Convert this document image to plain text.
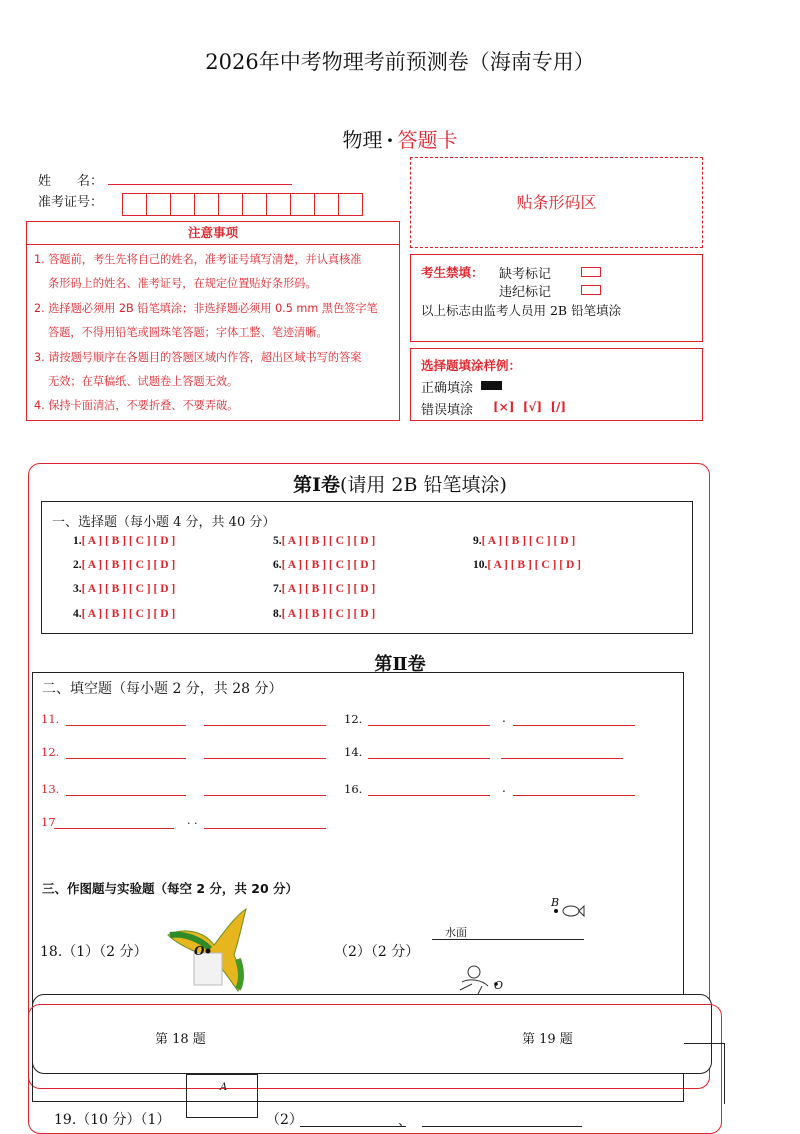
2026年中考物理考前预测卷（海南专用）
物理 · 答题卡
姓　　名：
准考证号：	贴条形码区
注意事项
1. 答题前，考生先将自己的姓名，准考证号填写清楚，并认真核准
条形码上的姓名、准考证号，在规定位置贴好条形码。
2. 选择题必须用 2B 铅笔填涂；非选择题必须用 0.5 mm 黑色签字笔
答题，不得用铅笔或圆珠笔答题；字体工整、笔迹清晰。
3. 请按题号顺序在各题目的答题区域内作答，超出区域书写的答案
无效；在草稿纸、试题卷上答题无效。
4. 保持卡面清洁，不要折叠、不要弄破。
考生禁填： 缺考标记
违纪标记
以上标志由监考人员用 2B 铅笔填涂
选择题填涂样例：
正确填涂
错误填涂 [×]  [√]  [/]
第Ⅰ卷(请用 2B 铅笔填涂)
一、选择题（每小题 4 分，共 40 分）
1.[ A ] [ B ] [ C ] [ D ]
2.[ A ] [ B ] [ C ] [ D ]
3.[ A ] [ B ] [ C ] [ D ]
4.[ A ] [ B ] [ C ] [ D ]
5.[ A ] [ B ] [ C ] [ D ]
6.[ A ] [ B ] [ C ] [ D ]
7.[ A ] [ B ] [ C ] [ D ]
8.[ A ] [ B ] [ C ] [ D ]
9.[ A ] [ B ] [ C ] [ D ]
10.[ A ] [ B ] [ C ] [ D ]
第Ⅱ卷
二、填空题（每小题 2 分，共 28 分）
11.	12.	.
12.	14.
13.	16.	.
17	. .
三、作图题与实验题（每空 2 分，共 20 分）
18.（1）（2 分）	（2）（2 分）
O
水面
B
O
第 18 题	第 19 题
A
19.（10 分）（1）	（2）	、
